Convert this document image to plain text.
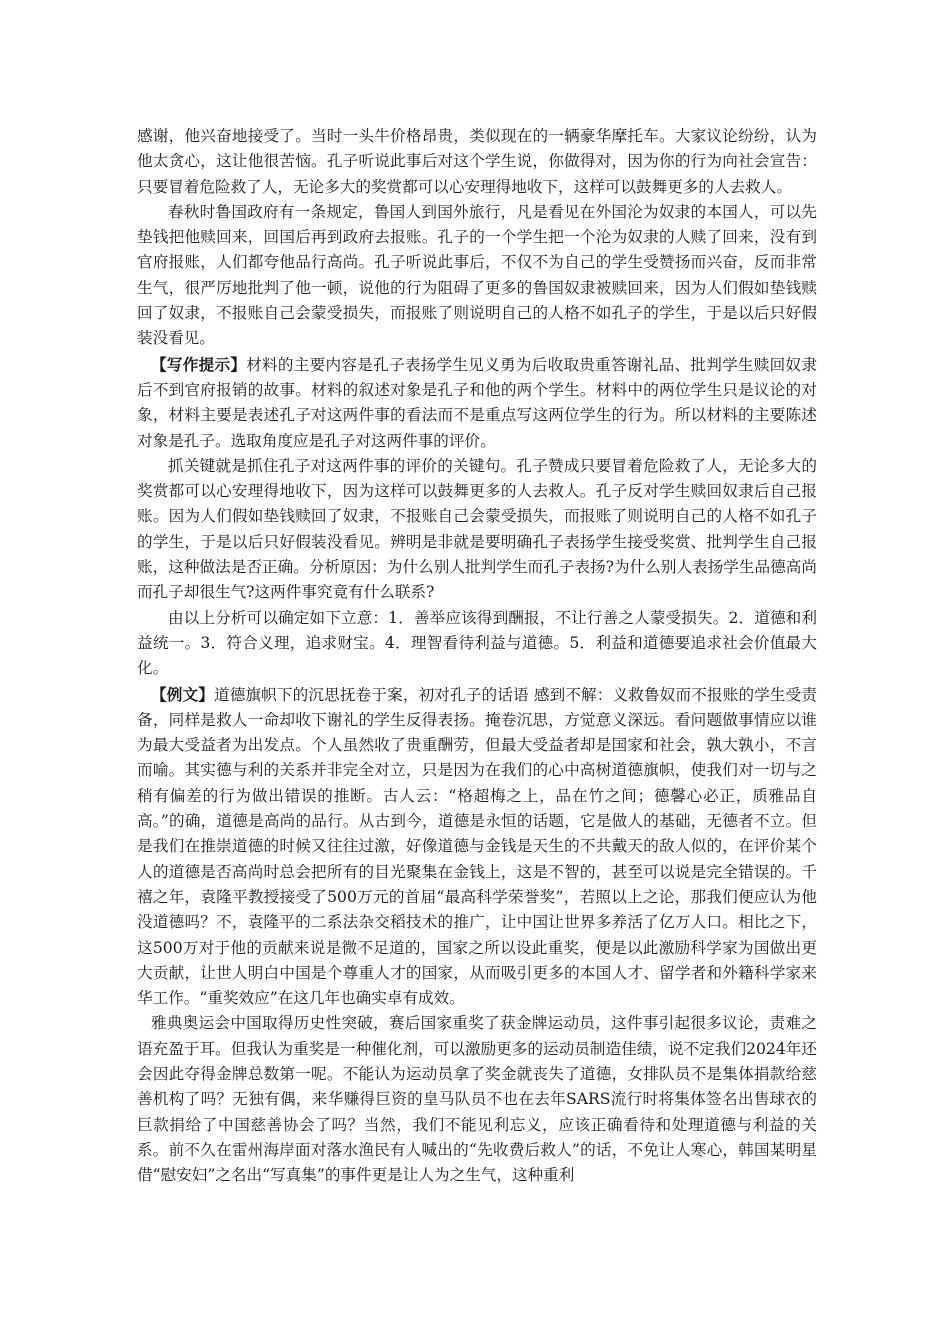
感谢，他兴奋地接受了。当时一头牛价格昂贵，类似现在的一辆豪华摩托车。大家议论纷纷，认为他太贪心，这让他很苦恼。孔子听说此事后对这个学生说，你做得对，因为你的行为向社会宣告：只要冒着危险救了人，无论多大的奖赏都可以心安理得地收下，这样可以鼓舞更多的人去救人。

春秋时鲁国政府有一条规定，鲁国人到国外旅行，凡是看见在外国沦为奴隶的本国人，可以先垫钱把他赎回来，回国后再到政府去报账。孔子的一个学生把一个沦为奴隶的人赎了回来，没有到官府报账，人们都夸他品行高尚。孔子听说此事后，不仅不为自己的学生受赞扬而兴奋，反而非常生气，很严厉地批判了他一顿，说他的行为阻碍了更多的鲁国奴隶被赎回来，因为人们假如垫钱赎回了奴隶，不报账自己会蒙受损失，而报账了则说明自己的人格不如孔子的学生，于是以后只好假装没看见。

【写作提示】材料的主要内容是孔子表扬学生见义勇为后收取贵重答谢礼品、批判学生赎回奴隶后不到官府报销的故事。材料的叙述对象是孔子和他的两个学生。材料中的两位学生只是议论的对象，材料主要是表述孔子对这两件事的看法而不是重点写这两位学生的行为。所以材料的主要陈述对象是孔子。选取角度应是孔子对这两件事的评价。

抓关键就是抓住孔子对这两件事的评价的关键句。孔子赞成只要冒着危险救了人，无论多大的奖赏都可以心安理得地收下，因为这样可以鼓舞更多的人去救人。孔子反对学生赎回奴隶后自己报账。因为人们假如垫钱赎回了奴隶，不报账自己会蒙受损失，而报账了则说明自己的人格不如孔子的学生，于是以后只好假装没看见。辨明是非就是要明确孔子表扬学生接受奖赏、批判学生自己报账，这种做法是否正确。分析原因：为什么别人批判学生而孔子表扬?为什么别人表扬学生品德高尚而孔子却很生气?这两件事究竟有什么联系?

由以上分析可以确定如下立意：1．善举应该得到酬报，不让行善之人蒙受损失。2．道德和利益统一。3．符合义理，追求财宝。4．理智看待利益与道德。5．利益和道德要追求社会价值最大化。

【例文】道德旗帜下的沉思抚卷于案，初对孔子的话语 感到不解：义救鲁奴而不报账的学生受责备，同样是救人一命却收下谢礼的学生反得表扬。掩卷沉思，方觉意义深远。看问题做事情应以谁为最大受益者为出发点。个人虽然收了贵重酬劳，但最大受益者却是国家和社会，孰大孰小，不言而喻。其实德与利的关系并非完全对立，只是因为在我们的心中高树道德旗帜，使我们对一切与之稍有偏差的行为做出错误的推断。古人云：“格超梅之上，品在竹之间；德馨心必正，质雅品自高。”的确，道德是高尚的品行。从古到今，道德是永恒的话题，它是做人的基础，无德者不立。但是我们在推崇道德的时候又往往过激，好像道德与金钱是天生的不共戴天的敌人似的，在评价某个人的道德是否高尚时总会把所有的目光聚集在金钱上，这是不智的，甚至可以说是完全错误的。千禧之年，袁隆平教授接受了500万元的首届“最高科学荣誉奖”，若照以上之论，那我们便应认为他没道德吗？不，袁隆平的二系法杂交稻技术的推广，让中国让世界多养活了亿万人口。相比之下，这500万对于他的贡献来说是微不足道的，国家之所以设此重奖，便是以此激励科学家为国做出更大贡献，让世人明白中国是个尊重人才的国家，从而吸引更多的本国人才、留学者和外籍科学家来华工作。“重奖效应”在这几年也确实卓有成效。

雅典奥运会中国取得历史性突破，赛后国家重奖了获金牌运动员，这件事引起很多议论，责难之语充盈于耳。但我认为重奖是一种催化剂，可以激励更多的运动员制造佳绩，说不定我们2024年还会因此夺得金牌总数第一呢。不能认为运动员拿了奖金就丧失了道德，女排队员不是集体捐款给慈善机构了吗？无独有偶，来华赚得巨资的皇马队员不也在去年SARS流行时将集体签名出售球衣的巨款捐给了中国慈善协会了吗？当然，我们不能见利忘义，应该正确看待和处理道德与利益的关系。前不久在雷州海岸面对落水渔民有人喊出的“先收费后救人”的话，不免让人寒心，韩国某明星借“慰安妇”之名出“写真集”的事件更是让人为之生气，这种重利
